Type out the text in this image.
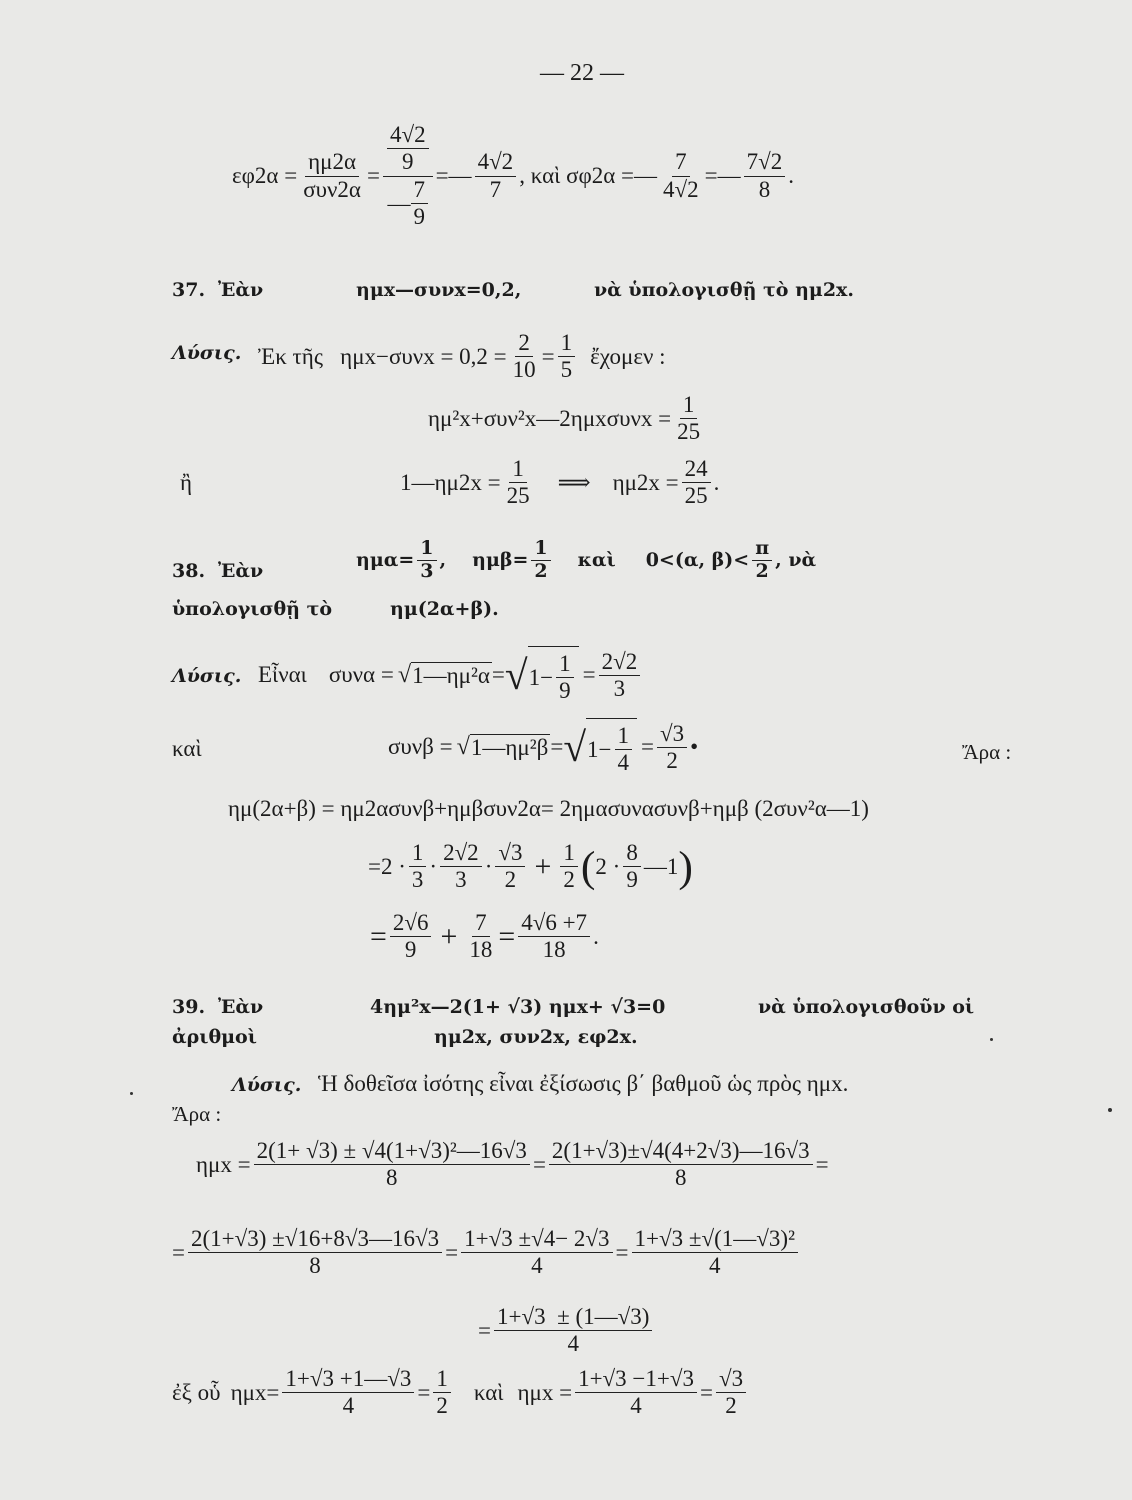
— 22 —
$\varepsilon\varphi 2\alpha = \frac{\eta\mu 2\alpha}{\text{συν2α}} = \frac{\frac{4√2}{9}}{— \frac{7}{9}}$ =— $\frac{4√2}{7}$ , καὶ σφ2α =— $\frac{7}{4√2}$ =— $\frac{7√2}{8}$ .
37. Ἐὰν	ημx—συνx=0,2,	νὰ ὑπολογισθῇ τὸ ημ2x.
Λύσις. Ἐκ τῆς   $\eta\mu x-\sigma\upsilon\nu x = 0,2 = \frac{2}{10} = \frac{1}{5}$ ἔχομεν :
ημ²x+συν²x—2ημxσυνx = $\frac{1}{25}$
ἢ	1—ημ2x = $\frac{1}{25}$ ⟹ $\eta\mu 2x = \frac{24}{25}$ .
38. Ἐὰν	$\eta\mu\alpha= \frac{1}{3}$ , $\eta\mu\beta= \frac{1}{2}$ καὶ 0<(α, $\beta)< \frac{\pi}{2}$ , νὰ
ὑπολογισθῇ τὸ	ημ(2α+β).
Λύσις. Εἶναι συνα = √ 1—ημ²α = √ $1- \frac{1}{9} = \frac{2√2}{3}$
καὶ	συνβ = √ 1—ημ²β = √ $1- \frac{1}{4} = \frac{√3}{2}$ •	Ἄρα :
ημ(2α+β) = ημ2ασυνβ+ημβσυν2α= 2ημασυνασυνβ+ημβ (2συν²α—1)
$=2 \cdot \frac{1}{3} \cdot \frac{2√2}{3} \cdot \frac{√3}{2} + \frac{1}{2}$ ( $2 \cdot \frac{8}{9}$ —1 )
= $\frac{2√6}{9} + \frac{7}{18} = \frac{4√6 +7}{18}$ .
39. Ἐὰν	4ημ²x—2(1+ √3) ημx+ √3=0	νὰ ὑπολογισθοῦν οἱ
ἀριθμοὶ	ημ2x, συν2x, εφ2x.
Λύσις. Ἡ δοθεῖσα ἰσότης εἶναι ἐξίσωσις β΄ βαθμοῦ ὡς πρὸς ημx.
Ἄρα :
$\eta\mu x = \frac{\text{2(1+ √3) ± √4(1+√3)²—16√3}}{8} = \frac{2(1+√3)\pm√4(4+2√3)—16√3}{8}$ =
= $\frac{2(1+√3) \pm√16+8√3—16√3}{8} = \frac{1+√3 \pm√4- 2√3}{4} = \frac{\text{1+√3 ±√(1—√3)²}}{4}$
= $\frac{1+√3 \pm (1—√3)}{4}$
ἐξ οὗ $\eta\mu x= \frac{1+√3 +1—√3}{4} = \frac{1}{2}$ καὶ $\eta\mu x = \frac{1+√3 -1+√3}{4} = \frac{√3}{2}$
